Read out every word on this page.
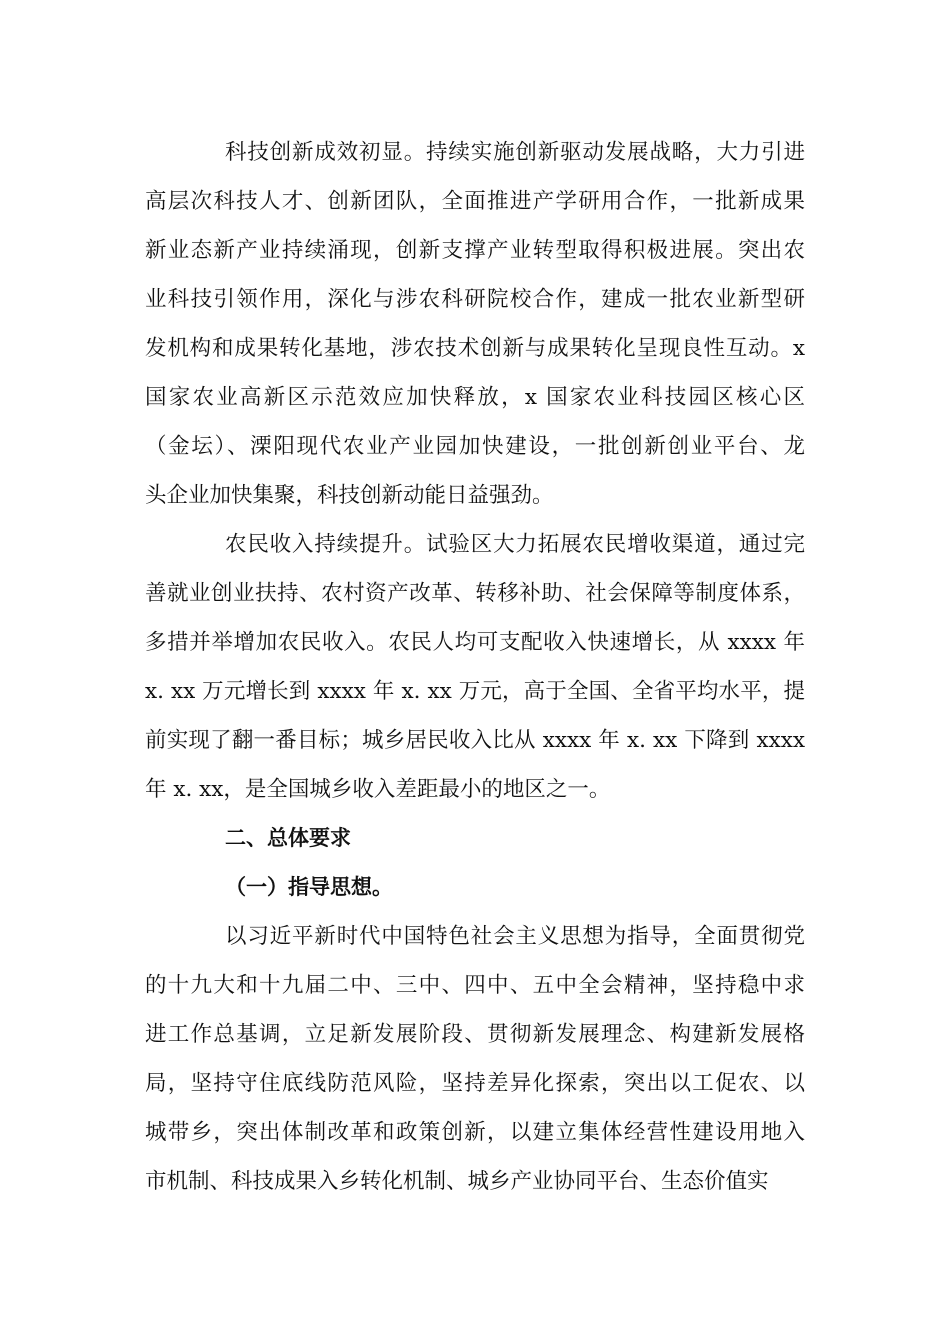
科技创新成效初显。持续实施创新驱动发展战略，大力引进
高层次科技人才、创新团队，全面推进产学研用合作，一批新成果
新业态新产业持续涌现，创新支撑产业转型取得积极进展。突出农
业科技引领作用，深化与涉农科研院校合作，建成一批农业新型研
发机构和成果转化基地，涉农技术创新与成果转化呈现良性互动。x
国家农业高新区示范效应加快释放，x 国家农业科技园区核心区
（金坛）、溧阳现代农业产业园加快建设，一批创新创业平台、龙
头企业加快集聚，科技创新动能日益强劲。
农民收入持续提升。试验区大力拓展农民增收渠道，通过完
善就业创业扶持、农村资产改革、转移补助、社会保障等制度体系，
多措并举增加农民收入。农民人均可支配收入快速增长，从 xxxx 年
x. xx 万元增长到 xxxx 年 x. xx 万元，高于全国、全省平均水平，提
前实现了翻一番目标；城乡居民收入比从 xxxx 年 x. xx 下降到 xxxx
年 x. xx，是全国城乡收入差距最小的地区之一。
二、总体要求
（一）指导思想。
以习近平新时代中国特色社会主义思想为指导，全面贯彻党
的十九大和十九届二中、三中、四中、五中全会精神，坚持稳中求
进工作总基调，立足新发展阶段、贯彻新发展理念、构建新发展格
局，坚持守住底线防范风险，坚持差异化探索，突出以工促农、以
城带乡，突出体制改革和政策创新，以建立集体经营性建设用地入
市机制、科技成果入乡转化机制、城乡产业协同平台、生态价值实
